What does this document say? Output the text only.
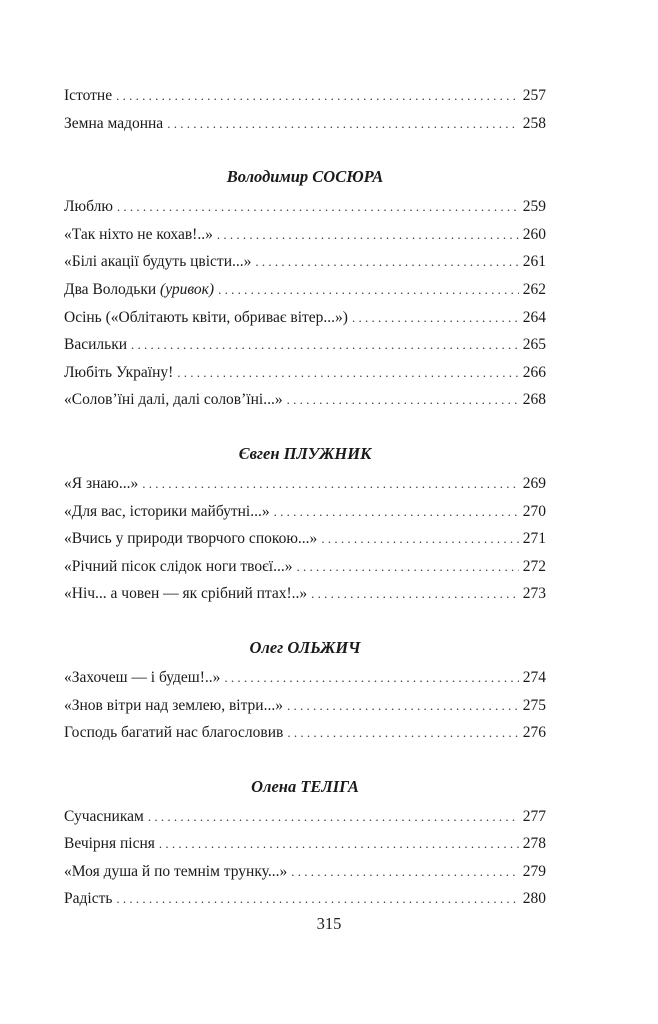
Істотне . . .	257
Земна мадонна . . .	258
Володимир СОСЮРА
Люблю . . .	259
«Так ніхто не кохав!..» . . .	260
«Білі акації будуть цвісти...» . . .	261
Два Володьки (уривок) . . .	262
Осінь («Облітають квіти, обриває вітер...») . . .	264
Васильки . . .	265
Любіть Україну! . . .	266
«Солов’їні далі, далі солов’їні...» . . .	268
Євген ПЛУЖНИК
«Я знаю...» . . .	269
«Для вас, історики майбутні...» . . .	270
«Вчись у природи творчого спокою...» . . .	271
«Річний пісок слідок ноги твоєї...» . . .	272
«Ніч... а човен — як срібний птах!..» . . .	273
Олег ОЛЬЖИЧ
«Захочеш — і будеш!..» . . .	274
«Знов вітри над землею, вітри...» . . .	275
Господь багатий нас благословив . . .	276
Олена ТЕЛІГА
Сучасникам . . .	277
Вечірня пісня . . .	278
«Моя душа й по темнім трунку...» . . .	279
Радість . . .	280
315
